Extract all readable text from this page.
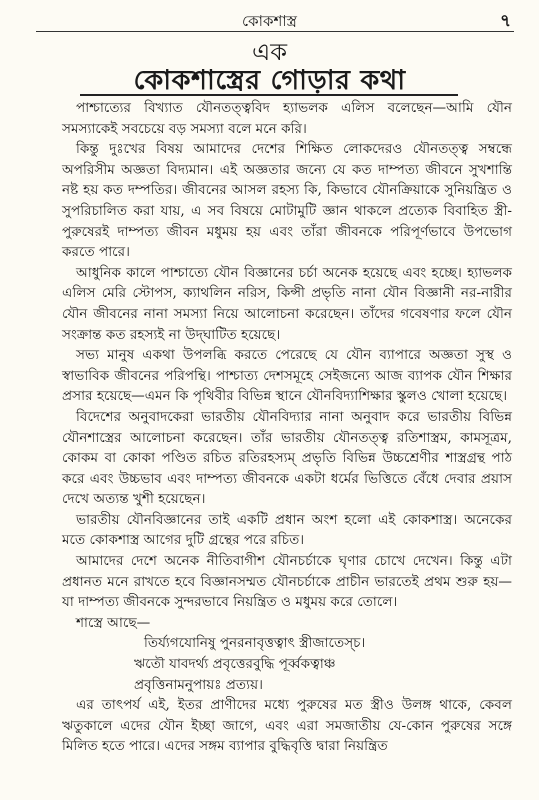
কোকশাস্ত্র	৭
এক
কোকশাস্ত্রের গোড়ার কথা

পাশ্চাত্যের বিখ্যাত যৌনতত্ত্ববিদ হ্যাভলক এলিস বলেছেন—আমি যৌন সমস্যাকেই সবচেয়ে বড় সমস্যা বলে মনে করি।

কিন্তু দুঃখের বিষয় আমাদের দেশের শিক্ষিত লোকদেরও যৌনতত্ত্ব সম্বন্ধে অপরিসীম অজ্ঞতা বিদ্যমান। এই অজ্ঞতার জন্যে যে কত দাম্পত্য জীবনে সুখশান্তি নষ্ট হয় কত দম্পতির। জীবনের আসল রহস্য কি, কিভাবে যৌনক্রিয়াকে সুনিয়ন্ত্রিত ও সুপরিচালিত করা যায়, এ সব বিষয়ে মোটামুটি জ্ঞান থাকলে প্রত্যেক বিবাহিত স্ত্রী-পুরুষেরই দাম্পত্য জীবন মধুময় হয় এবং তাঁরা জীবনকে পরিপূর্ণভাবে উপভোগ করতে পারে।

আধুনিক কালে পাশ্চাত্যে যৌন বিজ্ঞানের চর্চা অনেক হয়েছে এবং হচ্ছে। হ্যাভলক এলিস মেরি স্টোপস, ক্যাথলিন নরিস, কিন্সী প্রভৃতি নানা যৌন বিজ্ঞানী নর-নারীর যৌন জীবনের নানা সমস্যা নিয়ে আলোচনা করেছেন। তাঁদের গবেষণার ফলে যৌন সংক্রান্ত কত রহস্যই না উদ্‌ঘাটিত হয়েছে।

সভ্য মানুষ একথা উপলব্ধি করতে পেরেছে যে যৌন ব্যাপারে অজ্ঞতা সুস্থ ও স্বাভাবিক জীবনের পরিপন্থি। পাশ্চাত্য দেশসমূহে সেইজন্যে আজ ব্যাপক যৌন শিক্ষার প্রসার হয়েছে—এমন কি পৃথিবীর বিভিন্ন স্থানে যৌনবিদ্যাশিক্ষার স্কুলও খোলা হয়েছে।

বিদেশের অনুবাদকেরা ভারতীয় যৌনবিদ্যার নানা অনুবাদ করে ভারতীয় বিভিন্ন যৌনশাস্ত্রের আলোচনা করেছেন। তাঁর ভারতীয় যৌনতত্ত্ব রতিশাস্ত্রম, কামসূত্রম, কোকম বা কোকা পণ্ডিত রচিত রতিরহস্যম্ প্রভৃতি বিভিন্ন উচ্চশ্রেণীর শাস্ত্রগ্রন্থ পাঠ করে এবং উচ্চভাব এবং দাম্পত্য জীবনকে একটা ধর্মের ভিত্তিতে বেঁধে দেবার প্রয়াস দেখে অত্যন্ত খুশী হয়েছেন।

ভারতীয় যৌনবিজ্ঞানের তাই একটি প্রধান অংশ হলো এই কোকশাস্ত্র। অনেকের মতে কোকশাস্ত্র আগের দুটি গ্রন্থের পরে রচিত।

আমাদের দেশে অনেক নীতিবাগীশ যৌনচর্চাকে ঘৃণার চোখে দেখেন। কিন্তু এটা প্রধানত মনে রাখতে হবে বিজ্ঞানসম্মত যৌনচর্চাকে প্রাচীন ভারতেই প্রথম শুরু হয়—যা দাম্পত্য জীবনকে সুন্দরভাবে নিয়ন্ত্রিত ও মধুময় করে তোলে।

শাস্ত্রে আছে—
তির্য্যগযোনিষু পুনরনাবৃত্তত্বাৎ স্ত্রীজাতেস্চ।
ঋতৌ যাবদর্থ্য প্রবৃত্তেরবুদ্ধি পূর্ব্বকত্বাঞ্চ
প্রবৃত্তিনামনুপায়ঃ প্রত্যয়।

এর তাৎপর্য এই, ইতর প্রাণীদের মধ্যে পুরুষের মত স্ত্রীও উলঙ্গ থাকে, কেবল ঋতুকালে এদের যৌন ইচ্ছা জাগে, এবং এরা সমজাতীয় যে-কোন পুরুষের সঙ্গে মিলিত হতে পারে। এদের সঙ্গম ব্যাপার বুদ্ধিবৃত্তি দ্বারা নিয়ন্ত্রিত
